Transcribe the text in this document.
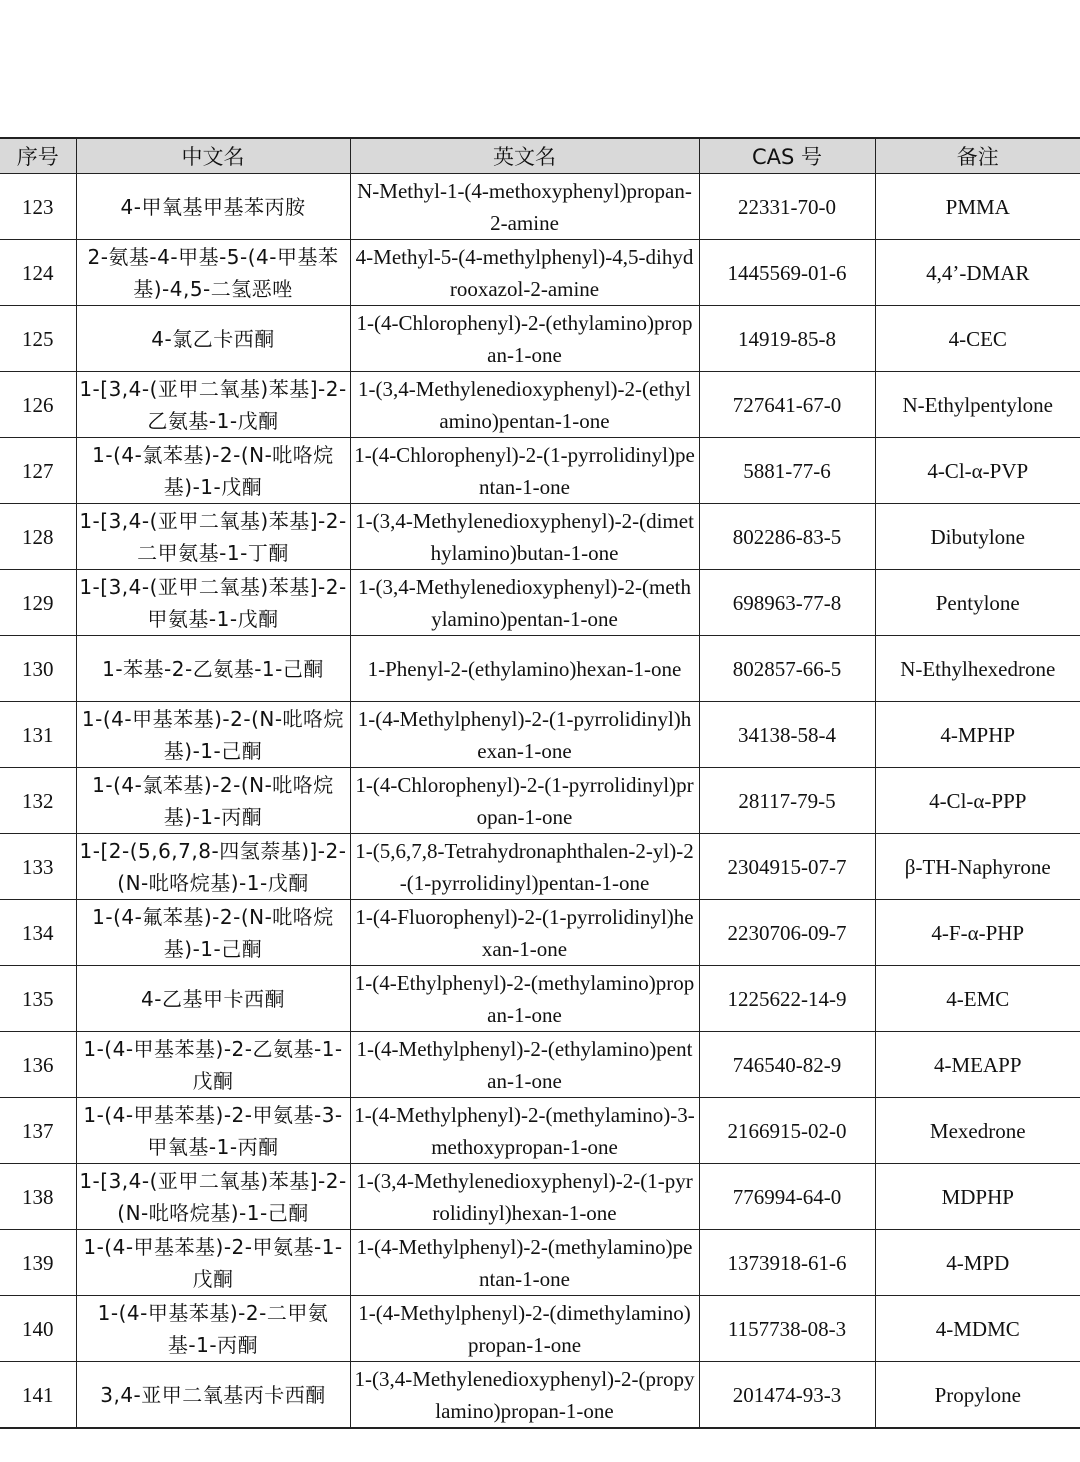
序号	中文名	英文名	CAS 号	备注
123	4-甲氧基甲基苯丙胺	N-Methyl-1-(4-methoxyphenyl)propan-2-amine	22331-70-0	PMMA
124	2-氨基-4-甲基-5-(4-甲基苯基)-4,5-二氢恶唑	4-Methyl-5-(4-methylphenyl)-4,5-dihydrooxazol-2-amine	1445569-01-6	4,4’-DMAR
125	4-氯乙卡西酮	1-(4-Chlorophenyl)-2-(ethylamino)propan-1-one	14919-85-8	4-CEC
126	1-[3,4-(亚甲二氧基)苯基]-2-乙氨基-1-戊酮	1-(3,4-Methylenedioxyphenyl)-2-(ethylamino)pentan-1-one	727641-67-0	N-Ethylpentylone
127	1-(4-氯苯基)-2-(N-吡咯烷基)-1-戊酮	1-(4-Chlorophenyl)-2-(1-pyrrolidinyl)pentan-1-one	5881-77-6	4-Cl-α-PVP
128	1-[3,4-(亚甲二氧基)苯基]-2-二甲氨基-1-丁酮	1-(3,4-Methylenedioxyphenyl)-2-(dimethylamino)butan-1-one	802286-83-5	Dibutylone
129	1-[3,4-(亚甲二氧基)苯基]-2-甲氨基-1-戊酮	1-(3,4-Methylenedioxyphenyl)-2-(methylamino)pentan-1-one	698963-77-8	Pentylone
130	1-苯基-2-乙氨基-1-己酮	1-Phenyl-2-(ethylamino)hexan-1-one	802857-66-5	N-Ethylhexedrone
131	1-(4-甲基苯基)-2-(N-吡咯烷基)-1-己酮	1-(4-Methylphenyl)-2-(1-pyrrolidinyl)hexan-1-one	34138-58-4	4-MPHP
132	1-(4-氯苯基)-2-(N-吡咯烷基)-1-丙酮	1-(4-Chlorophenyl)-2-(1-pyrrolidinyl)propan-1-one	28117-79-5	4-Cl-α-PPP
133	1-[2-(5,6,7,8-四氢萘基)]-2-(N-吡咯烷基)-1-戊酮	1-(5,6,7,8-Tetrahydronaphthalen-2-yl)-2-(1-pyrrolidinyl)pentan-1-one	2304915-07-7	β-TH-Naphyrone
134	1-(4-氟苯基)-2-(N-吡咯烷基)-1-己酮	1-(4-Fluorophenyl)-2-(1-pyrrolidinyl)hexan-1-one	2230706-09-7	4-F-α-PHP
135	4-乙基甲卡西酮	1-(4-Ethylphenyl)-2-(methylamino)propan-1-one	1225622-14-9	4-EMC
136	1-(4-甲基苯基)-2-乙氨基-1-戊酮	1-(4-Methylphenyl)-2-(ethylamino)pentan-1-one	746540-82-9	4-MEAPP
137	1-(4-甲基苯基)-2-甲氨基-3-甲氧基-1-丙酮	1-(4-Methylphenyl)-2-(methylamino)-3-methoxypropan-1-one	2166915-02-0	Mexedrone
138	1-[3,4-(亚甲二氧基)苯基]-2-(N-吡咯烷基)-1-己酮	1-(3,4-Methylenedioxyphenyl)-2-(1-pyrrolidinyl)hexan-1-one	776994-64-0	MDPHP
139	1-(4-甲基苯基)-2-甲氨基-1-戊酮	1-(4-Methylphenyl)-2-(methylamino)pentan-1-one	1373918-61-6	4-MPD
140	1-(4-甲基苯基)-2-二甲氨基-1-丙酮	1-(4-Methylphenyl)-2-(dimethylamino)propan-1-one	1157738-08-3	4-MDMC
141	3,4-亚甲二氧基丙卡西酮	1-(3,4-Methylenedioxyphenyl)-2-(propylamino)propan-1-one	201474-93-3	Propylone
